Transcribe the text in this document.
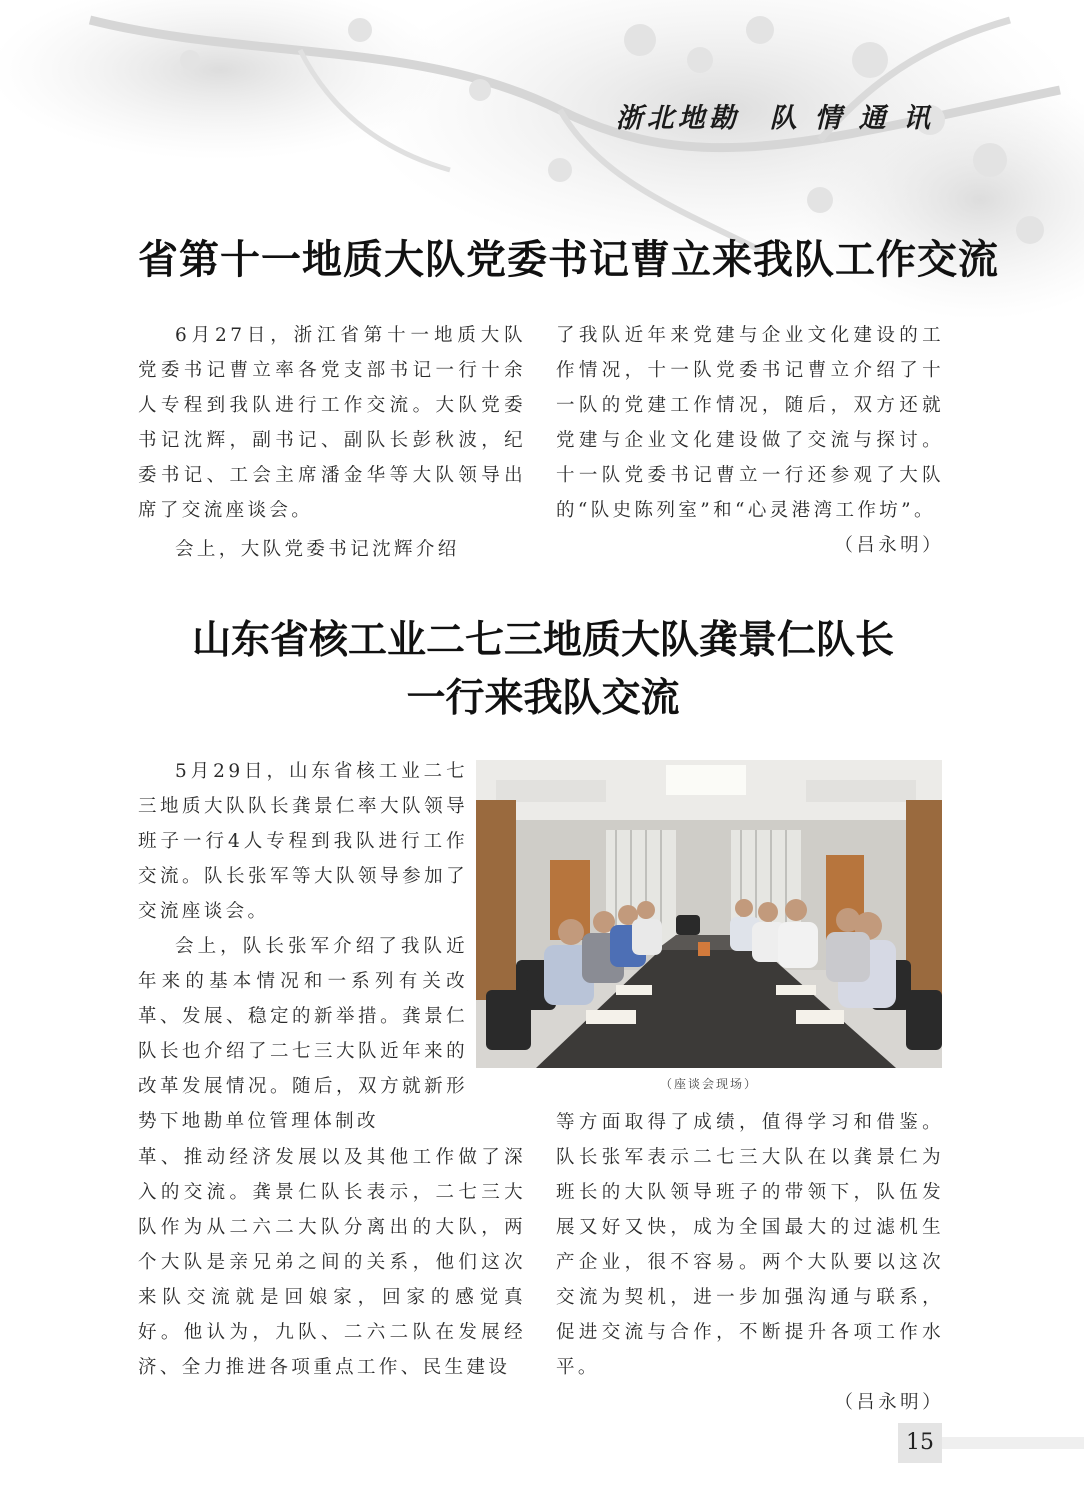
浙北地勘 队 情 通 讯
省第十一地质大队党委书记曹立来我队工作交流

6月27日，浙江省第十一地质大队党委书记曹立率各党支部书记一行十余人专程到我队进行工作交流。大队党委书记沈辉，副书记、副队长彭秋波，纪委书记、工会主席潘金华等大队领导出席了交流座谈会。

会上，大队党委书记沈辉介绍

了我队近年来党建与企业文化建设的工作情况，十一队党委书记曹立介绍了十一队的党建工作情况，随后，双方还就党建与企业文化建设做了交流与探讨。十一队党委书记曹立一行还参观了大队的“队史陈列室”和“心灵港湾工作坊”。

（吕永明）
山东省核工业二七三地质大队龚景仁队长
一行来我队交流

5月29日，山东省核工业二七三地质大队队长龚景仁率大队领导班子一行4人专程到我队进行工作交流。队长张军等大队领导参加了交流座谈会。

会上，队长张军介绍了我队近年来的基本情况和一系列有关改革、发展、稳定的新举措。龚景仁队长也介绍了二七三大队近年来的改革发展情况。随后，双方就新形势下地勘单位管理体制改

革、推动经济发展以及其他工作做了深入的交流。龚景仁队长表示，二七三大队作为从二六二大队分离出的大队，两个大队是亲兄弟之间的关系，他们这次来队交流就是回娘家，回家的感觉真好。他认为，九队、二六二队在发展经济、全力推进各项重点工作、民生建设

等方面取得了成绩，值得学习和借鉴。队长张军表示二七三大队在以龚景仁为班长的大队领导班子的带领下，队伍发展又好又快，成为全国最大的过滤机生产企业，很不容易。两个大队要以这次交流为契机，进一步加强沟通与联系，促进交流与合作，不断提升各项工作水平。

（吕永明）
（座谈会现场）
15
